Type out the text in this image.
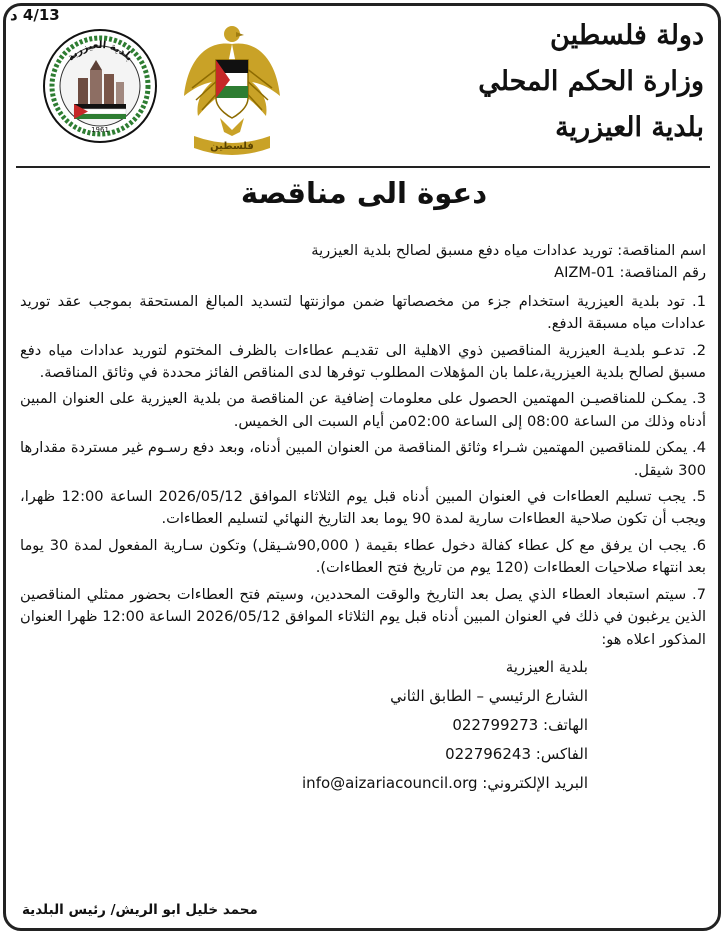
4/13 د
بلدية العيزرية
1961
فلسطين
دولة فلسطين
وزارة الحكم المحلي
بلدية العيزرية
دعوة الى مناقصة

اسم المناقصة: توريد عدادات مياه دفع مسبق لصالح بلدية العيزرية

رقم المناقصة: AIZM-01

1. تود بلدية العيزرية استخدام جزء من مخصصاتها ضمن موازنتها لتسديد المبالغ المستحقة بموجب عقد توريد عدادات مياه مسبقة الدفع.

2. تدعـو بلديـة العيزرية المناقصين ذوي الاهلية الى تقديـم عطاءات بالظرف المختوم لتوريد عدادات مياه دفع مسبق لصالح بلدية العيزرية،علما بان المؤهلات المطلوب توفرها لدى المناقص الفائز محددة في وثائق المناقصة.

3. يمكـن للمناقصيـن المهتمين الحصول على معلومات إضافية عن المناقصة من بلدية العيزرية على العنوان المبين أدناه وذلك من الساعة 08:00 إلى الساعة 02:00من أيام السبت الى الخميس.

4. يمكن للمناقصين المهتمين شـراء وثائق المناقصة من العنوان المبين أدناه، وبعد دفع رسـوم غير مستردة مقدارها 300 شيقل.

5. يجب تسليم العطاءات في العنوان المبين أدناه قبل يوم الثلاثاء الموافق 2026/05/12 الساعة 12:00 ظهرا، ويجب أن تكون صلاحية العطاءات سارية لمدة 90 يوما بعد التاريخ النهائي لتسليم العطاءات.

6. يجب ان يرفق مع كل عطاء كفالة دخول عطاء بقيمة ( 90,000شـيقل) وتكون سـارية المفعول لمدة 30 يوما بعد انتهاء صلاحيات العطاءات (120 يوم من تاريخ فتح العطاءات).

7. سيتم استبعاد العطاء الذي يصل بعد التاريخ والوقت المحددين، وسيتم فتح العطاءات بحضور ممثلي المناقصين الذين يرغبون في ذلك في العنوان المبين أدناه قبل يوم الثلاثاء الموافق 2026/05/12 الساعة 12:00 ظهرا العنوان المذكور اعلاه هو:

بلدية العيزرية

الشارع الرئيسي – الطابق الثاني

الهاتف: 022799273

الفاكس: 022796243

البريد الإلكتروني: info@aizariacouncil.org

محمد خليل ابو الريش/ رئيس البلدية
